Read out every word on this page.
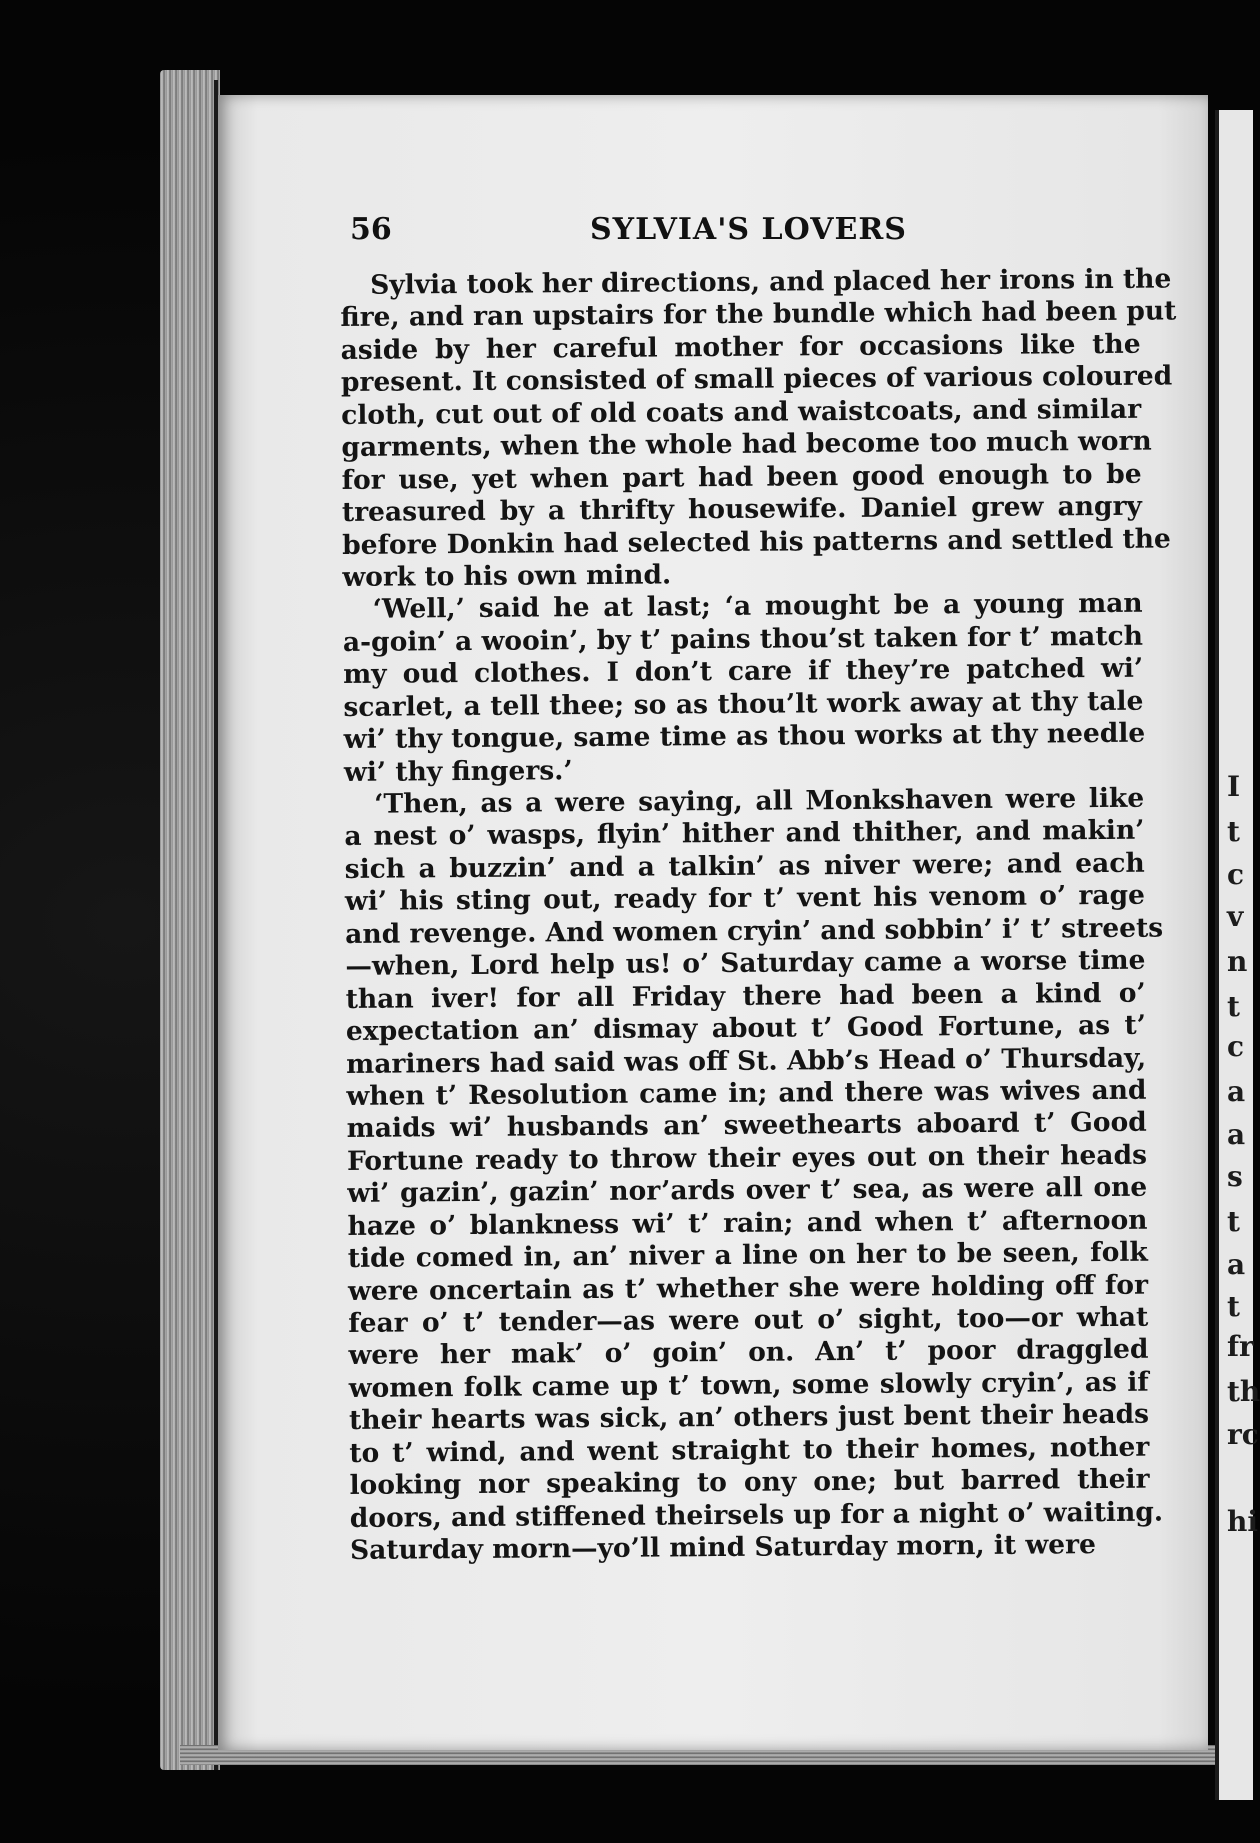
I
t
c
v
n
t
c
a
a
s
t
a
t
fr
th
rc
hi
56	SYLVIA'S LOVERS
Sylvia took her directions, and placed her irons in the
fire, and ran upstairs for the bundle which had been put
aside by her careful mother for occasions like the
present. It consisted of small pieces of various coloured
cloth, cut out of old coats and waistcoats, and similar
garments, when the whole had become too much worn
for use, yet when part had been good enough to be
treasured by a thrifty housewife. Daniel grew angry
before Donkin had selected his patterns and settled the
work to his own mind.
‘Well,’ said he at last; ‘a mought be a young man
a-goin’ a wooin’, by t’ pains thou’st taken for t’ match
my oud clothes. I don’t care if they’re patched wi’
scarlet, a tell thee; so as thou’lt work away at thy tale
wi’ thy tongue, same time as thou works at thy needle
wi’ thy fingers.’
‘Then, as a were saying, all Monkshaven were like
a nest o’ wasps, flyin’ hither and thither, and makin’
sich a buzzin’ and a talkin’ as niver were; and each
wi’ his sting out, ready for t’ vent his venom o’ rage
and revenge. And women cryin’ and sobbin’ i’ t’ streets
—when, Lord help us! o’ Saturday came a worse time
than iver! for all Friday there had been a kind o’
expectation an’ dismay about t’ Good Fortune, as t’
mariners had said was off St. Abb’s Head o’ Thursday,
when t’ Resolution came in; and there was wives and
maids wi’ husbands an’ sweethearts aboard t’ Good
Fortune ready to throw their eyes out on their heads
wi’ gazin’, gazin’ nor’ards over t’ sea, as were all one
haze o’ blankness wi’ t’ rain; and when t’ afternoon
tide comed in, an’ niver a line on her to be seen, folk
were oncertain as t’ whether she were holding off for
fear o’ t’ tender—as were out o’ sight, too—or what
were her mak’ o’ goin’ on. An’ t’ poor draggled
women folk came up t’ town, some slowly cryin’, as if
their hearts was sick, an’ others just bent their heads
to t’ wind, and went straight to their homes, nother
looking nor speaking to ony one; but barred their
doors, and stiffened theirsels up for a night o’ waiting.
Saturday morn—yo’ll mind Saturday morn, it were
